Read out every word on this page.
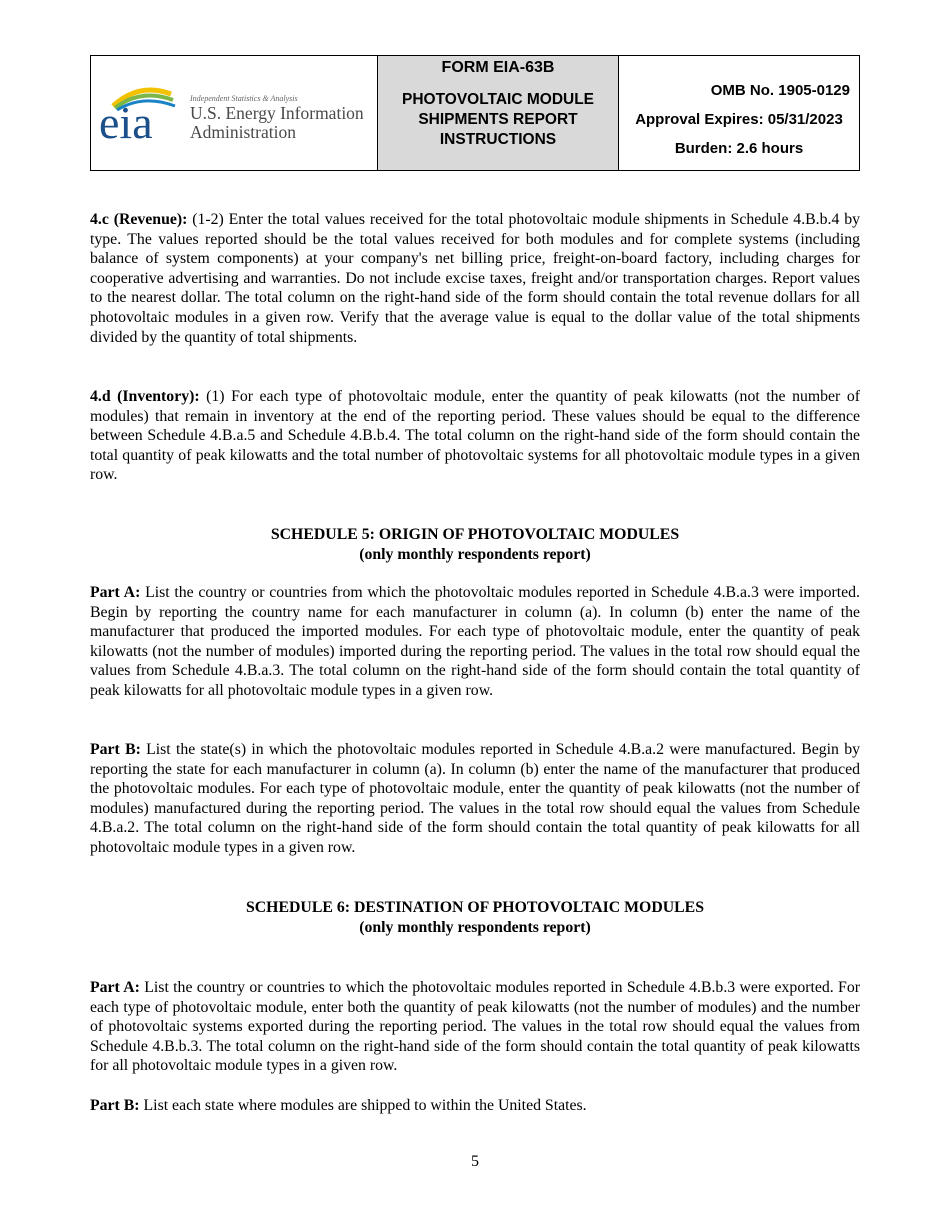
eia	Independent Statistics & Analysis
U.S. Energy Information
Administration
FORM EIA-63B
PHOTOVOLTAIC MODULE
SHIPMENTS REPORT
INSTRUCTIONS
OMB No. 1905-0129
Approval Expires: 05/31/2023
Burden: 2.6 hours

4.c (Revenue): (1-2) Enter the total values received for the total photovoltaic module shipments in Schedule 4.B.b.4 by type. The values reported should be the total values received for both modules and for complete systems (including balance of system components) at your company's net billing price, freight-on-board factory, including charges for cooperative advertising and warranties. Do not include excise taxes, freight and/or transportation charges. Report values to the nearest dollar. The total column on the right-hand side of the form should contain the total revenue dollars for all photovoltaic modules in a given row. Verify that the average value is equal to the dollar value of the total shipments divided by the quantity of total shipments.

4.d (Inventory): (1) For each type of photovoltaic module, enter the quantity of peak kilowatts (not the number of modules) that remain in inventory at the end of the reporting period. These values should be equal to the difference between Schedule 4.B.a.5 and Schedule 4.B.b.4. The total column on the right-hand side of the form should contain the total quantity of peak kilowatts and the total number of photovoltaic systems for all photovoltaic module types in a given row.

SCHEDULE 5: ORIGIN OF PHOTOVOLTAIC MODULES
(only monthly respondents report)

Part A: List the country or countries from which the photovoltaic modules reported in Schedule 4.B.a.3 were imported. Begin by reporting the country name for each manufacturer in column (a). In column (b) enter the name of the manufacturer that produced the imported modules. For each type of photovoltaic module, enter the quantity of peak kilowatts (not the number of modules) imported during the reporting period. The values in the total row should equal the values from Schedule 4.B.a.3. The total column on the right-hand side of the form should contain the total quantity of peak kilowatts for all photovoltaic module types in a given row.

Part B: List the state(s) in which the photovoltaic modules reported in Schedule 4.B.a.2 were manufactured. Begin by reporting the state for each manufacturer in column (a). In column (b) enter the name of the manufacturer that produced the photovoltaic modules. For each type of photovoltaic module, enter the quantity of peak kilowatts (not the number of modules) manufactured during the reporting period. The values in the total row should equal the values from Schedule 4.B.a.2. The total column on the right-hand side of the form should contain the total quantity of peak kilowatts for all photovoltaic module types in a given row.

SCHEDULE 6: DESTINATION OF PHOTOVOLTAIC MODULES
(only monthly respondents report)

Part A: List the country or countries to which the photovoltaic modules reported in Schedule 4.B.b.3 were exported. For each type of photovoltaic module, enter both the quantity of peak kilowatts (not the number of modules) and the number of photovoltaic systems exported during the reporting period. The values in the total row should equal the values from Schedule 4.B.b.3. The total column on the right-hand side of the form should contain the total quantity of peak kilowatts for all photovoltaic module types in a given row.

Part B: List each state where modules are shipped to within the United States.

5
